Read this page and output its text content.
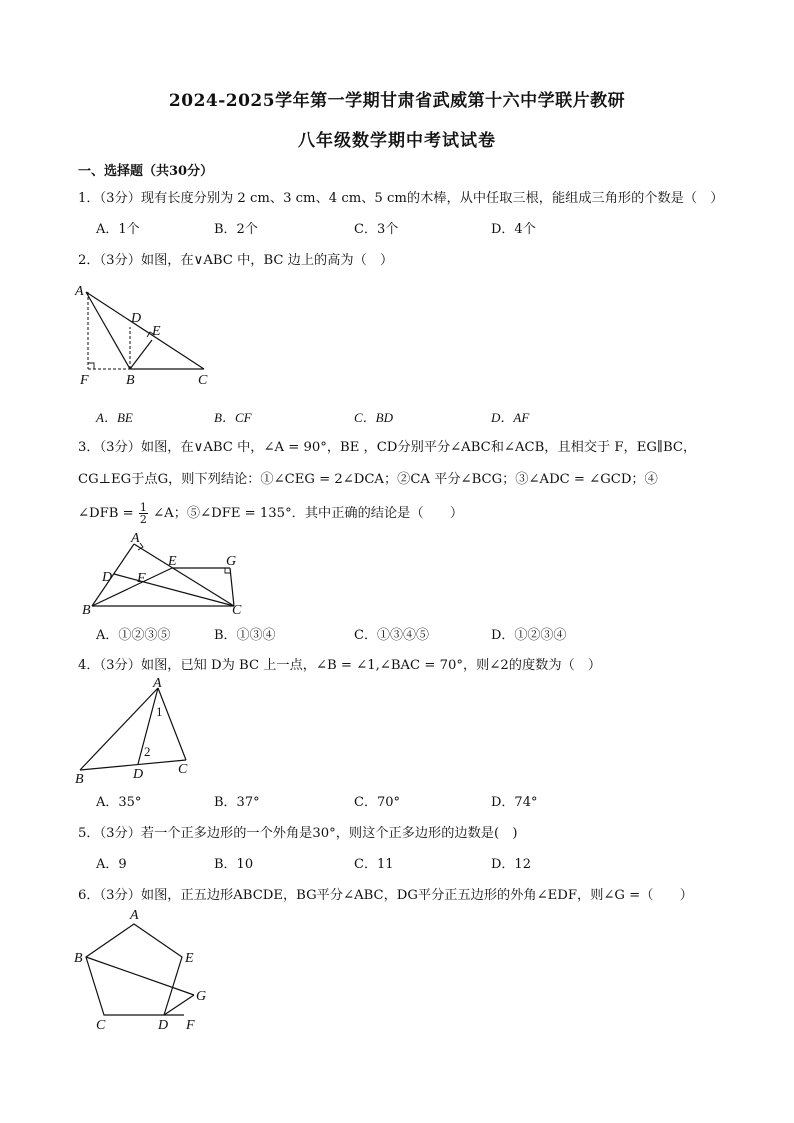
2024-2025学年第一学期甘肃省武威第十六中学联片教研
八年级数学期中考试试卷
一、选择题（共30分）
1．（3分）现有长度分别为 2 cm、3 cm、4 cm、5 cm的木棒，从中任取三根，能组成三角形的个数是（　）
A．1个	B．2个	C．3个	D．4个
2．（3分）如图，在∨ABC 中，BC 边上的高为（　）
A
D
E
F	B	C
A．BE	B．CF	C．BD	D．AF
3．（3分）如图，在∨ABC 中，∠A = 90°，BE ，CD分别平分∠ABC和∠ACB，且相交于 F，EG∥BC，
CG⊥EG于点G，则下列结论：①∠CEG = 2∠DCA；②CA 平分∠BCG；③∠ADC = ∠GCD；④
∠DFB = $\frac{1}{2}$ ∠A；⑤∠DFE = 135°．其中正确的结论是（　　）
A
E	G
D F
B	C
A．①②③⑤	B．①③④	C．①③④⑤	D．①②③④
4．（3分）如图，已知 D为 BC 上一点，∠B = ∠1,∠BAC = 70°，则∠2的度数为（　）
A
1
2
B	D C
A．35°	B．37°	C．70°	D．74°
5．（3分）若一个正多边形的一个外角是30°，则这个正多边形的边数是(　)
A．9	B．10	C．11	D．12
6．（3分）如图，正五边形ABCDE，BG平分∠ABC，DG平分正五边形的外角∠EDF，则∠G =（　　）
A
B	E
G
C	D F
